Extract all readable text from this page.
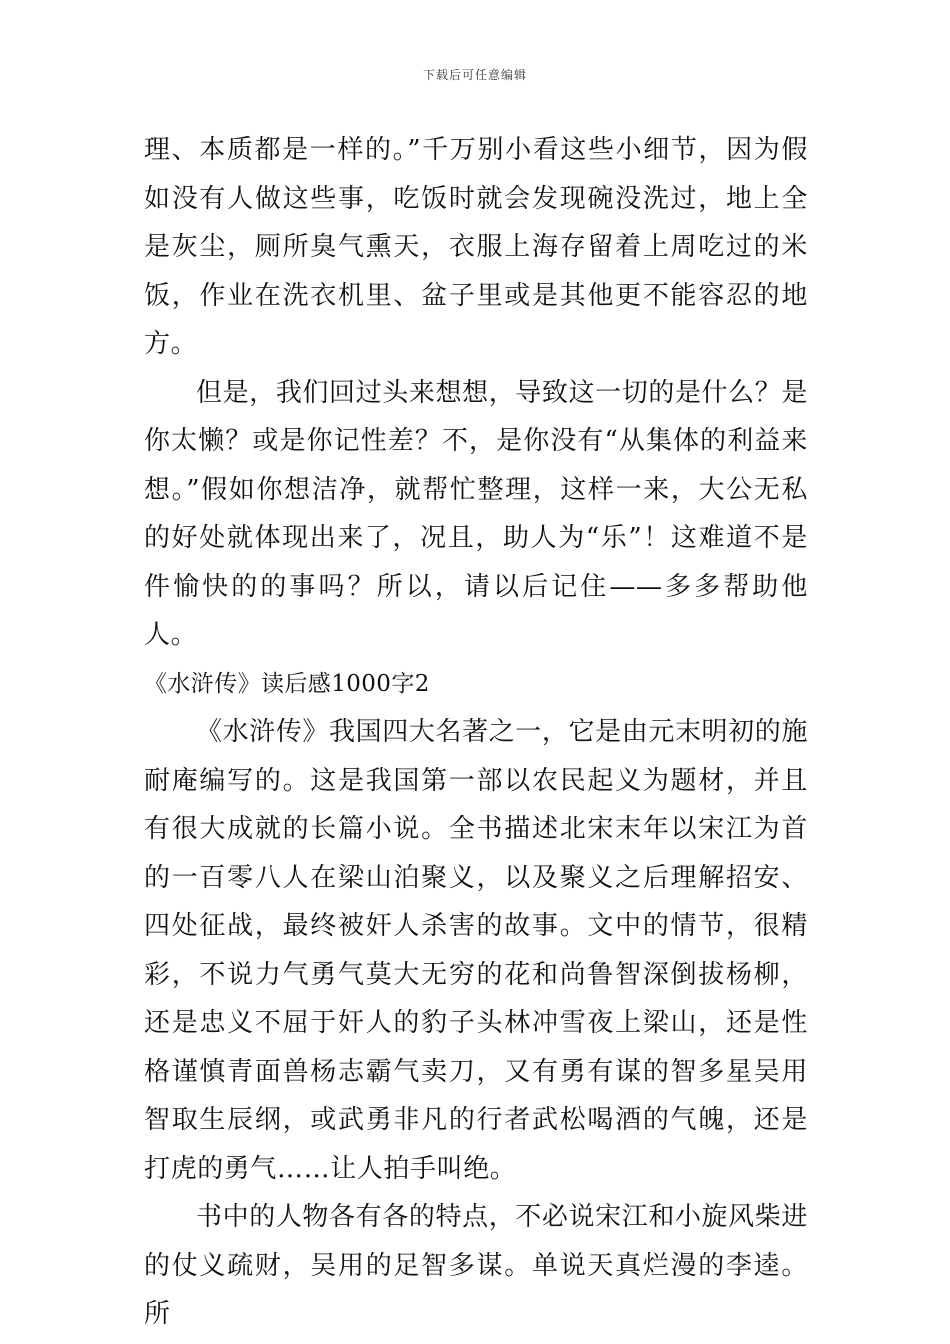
下载后可任意编辑

理、本质都是一样的。”千万别小看这些小细节，因为假如没有人做这些事，吃饭时就会发现碗没洗过，地上全是灰尘，厕所臭气熏天，衣服上海存留着上周吃过的米饭，作业在洗衣机里、盆子里或是其他更不能容忍的地方。

但是，我们回过头来想想，导致这一切的是什么？是你太懒？或是你记性差？不，是你没有“从集体的利益来想。”假如你想洁净，就帮忙整理，这样一来，大公无私的好处就体现出来了，况且，助人为“乐”！这难道不是件愉快的的事吗？所以，请以后记住——多多帮助他人。

《水浒传》读后感1000字2

《水浒传》我国四大名著之一，它是由元末明初的施耐庵编写的。这是我国第一部以农民起义为题材，并且有很大成就的长篇小说。全书描述北宋末年以宋江为首的一百零八人在梁山泊聚义，以及聚义之后理解招安、四处征战，最终被奸人杀害的故事。文中的情节，很精彩，不说力气勇气莫大无穷的花和尚鲁智深倒拔杨柳，还是忠义不屈于奸人的豹子头林冲雪夜上梁山，还是性格谨慎青面兽杨志霸气卖刀，又有勇有谋的智多星吴用智取生辰纲，或武勇非凡的行者武松喝酒的气魄，还是打虎的勇气……让人拍手叫绝。

书中的人物各有各的特点，不必说宋江和小旋风柴进的仗义疏财，吴用的足智多谋。单说天真烂漫的李逵。所
